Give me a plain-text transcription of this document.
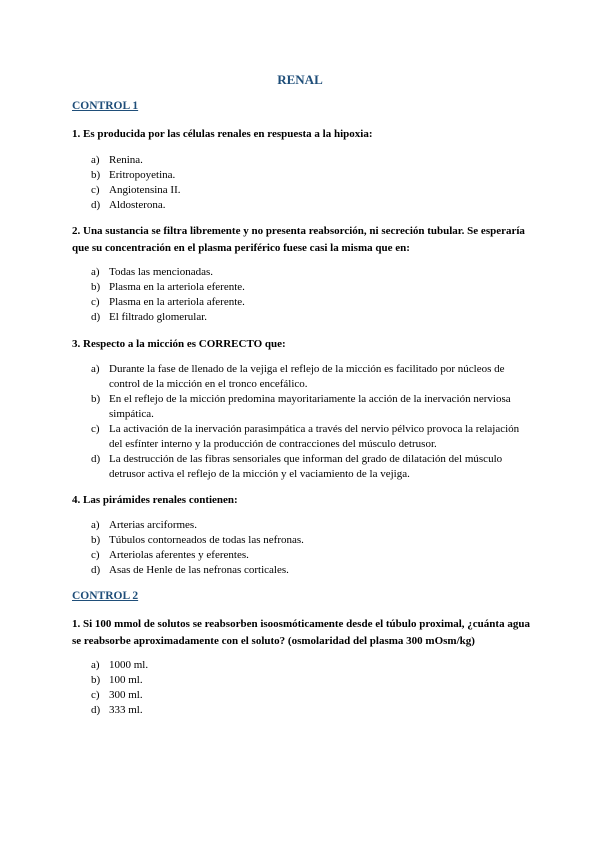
RENAL
CONTROL 1
1. Es producida por las células renales en respuesta a la hipoxia:
a) Renina.
b) Eritropoyetina.
c) Angiotensina II.
d) Aldosterona.
2. Una sustancia se filtra libremente y no presenta reabsorción, ni secreción tubular. Se esperaría que su concentración en el plasma periférico fuese casi la misma que en:
a) Todas las mencionadas.
b) Plasma en la arteriola eferente.
c) Plasma en la arteriola aferente.
d) El filtrado glomerular.
3. Respecto a la micción es CORRECTO que:
a) Durante la fase de llenado de la vejiga el reflejo de la micción es facilitado por núcleos de control de la micción en el tronco encefálico.
b) En el reflejo de la micción predomina mayoritariamente la acción de la inervación nerviosa simpática.
c) La activación de la inervación parasimpática a través del nervio pélvico provoca la relajación del esfínter interno y la producción de contracciones del músculo detrusor.
d) La destrucción de las fibras sensoriales que informan del grado de dilatación del músculo detrusor activa el reflejo de la micción y el vaciamiento de la vejiga.
4. Las pirámides renales contienen:
a) Arterias arciformes.
b) Túbulos contorneados de todas las nefronas.
c) Arteriolas aferentes y eferentes.
d) Asas de Henle de las nefronas corticales.
CONTROL 2
1. Si 100 mmol de solutos se reabsorben isoosmóticamente desde el túbulo proximal, ¿cuánta agua se reabsorbe aproximadamente con el soluto? (osmolaridad del plasma 300 mOsm/kg)
a) 1000 ml.
b) 100 ml.
c) 300 ml.
d) 333 ml.
